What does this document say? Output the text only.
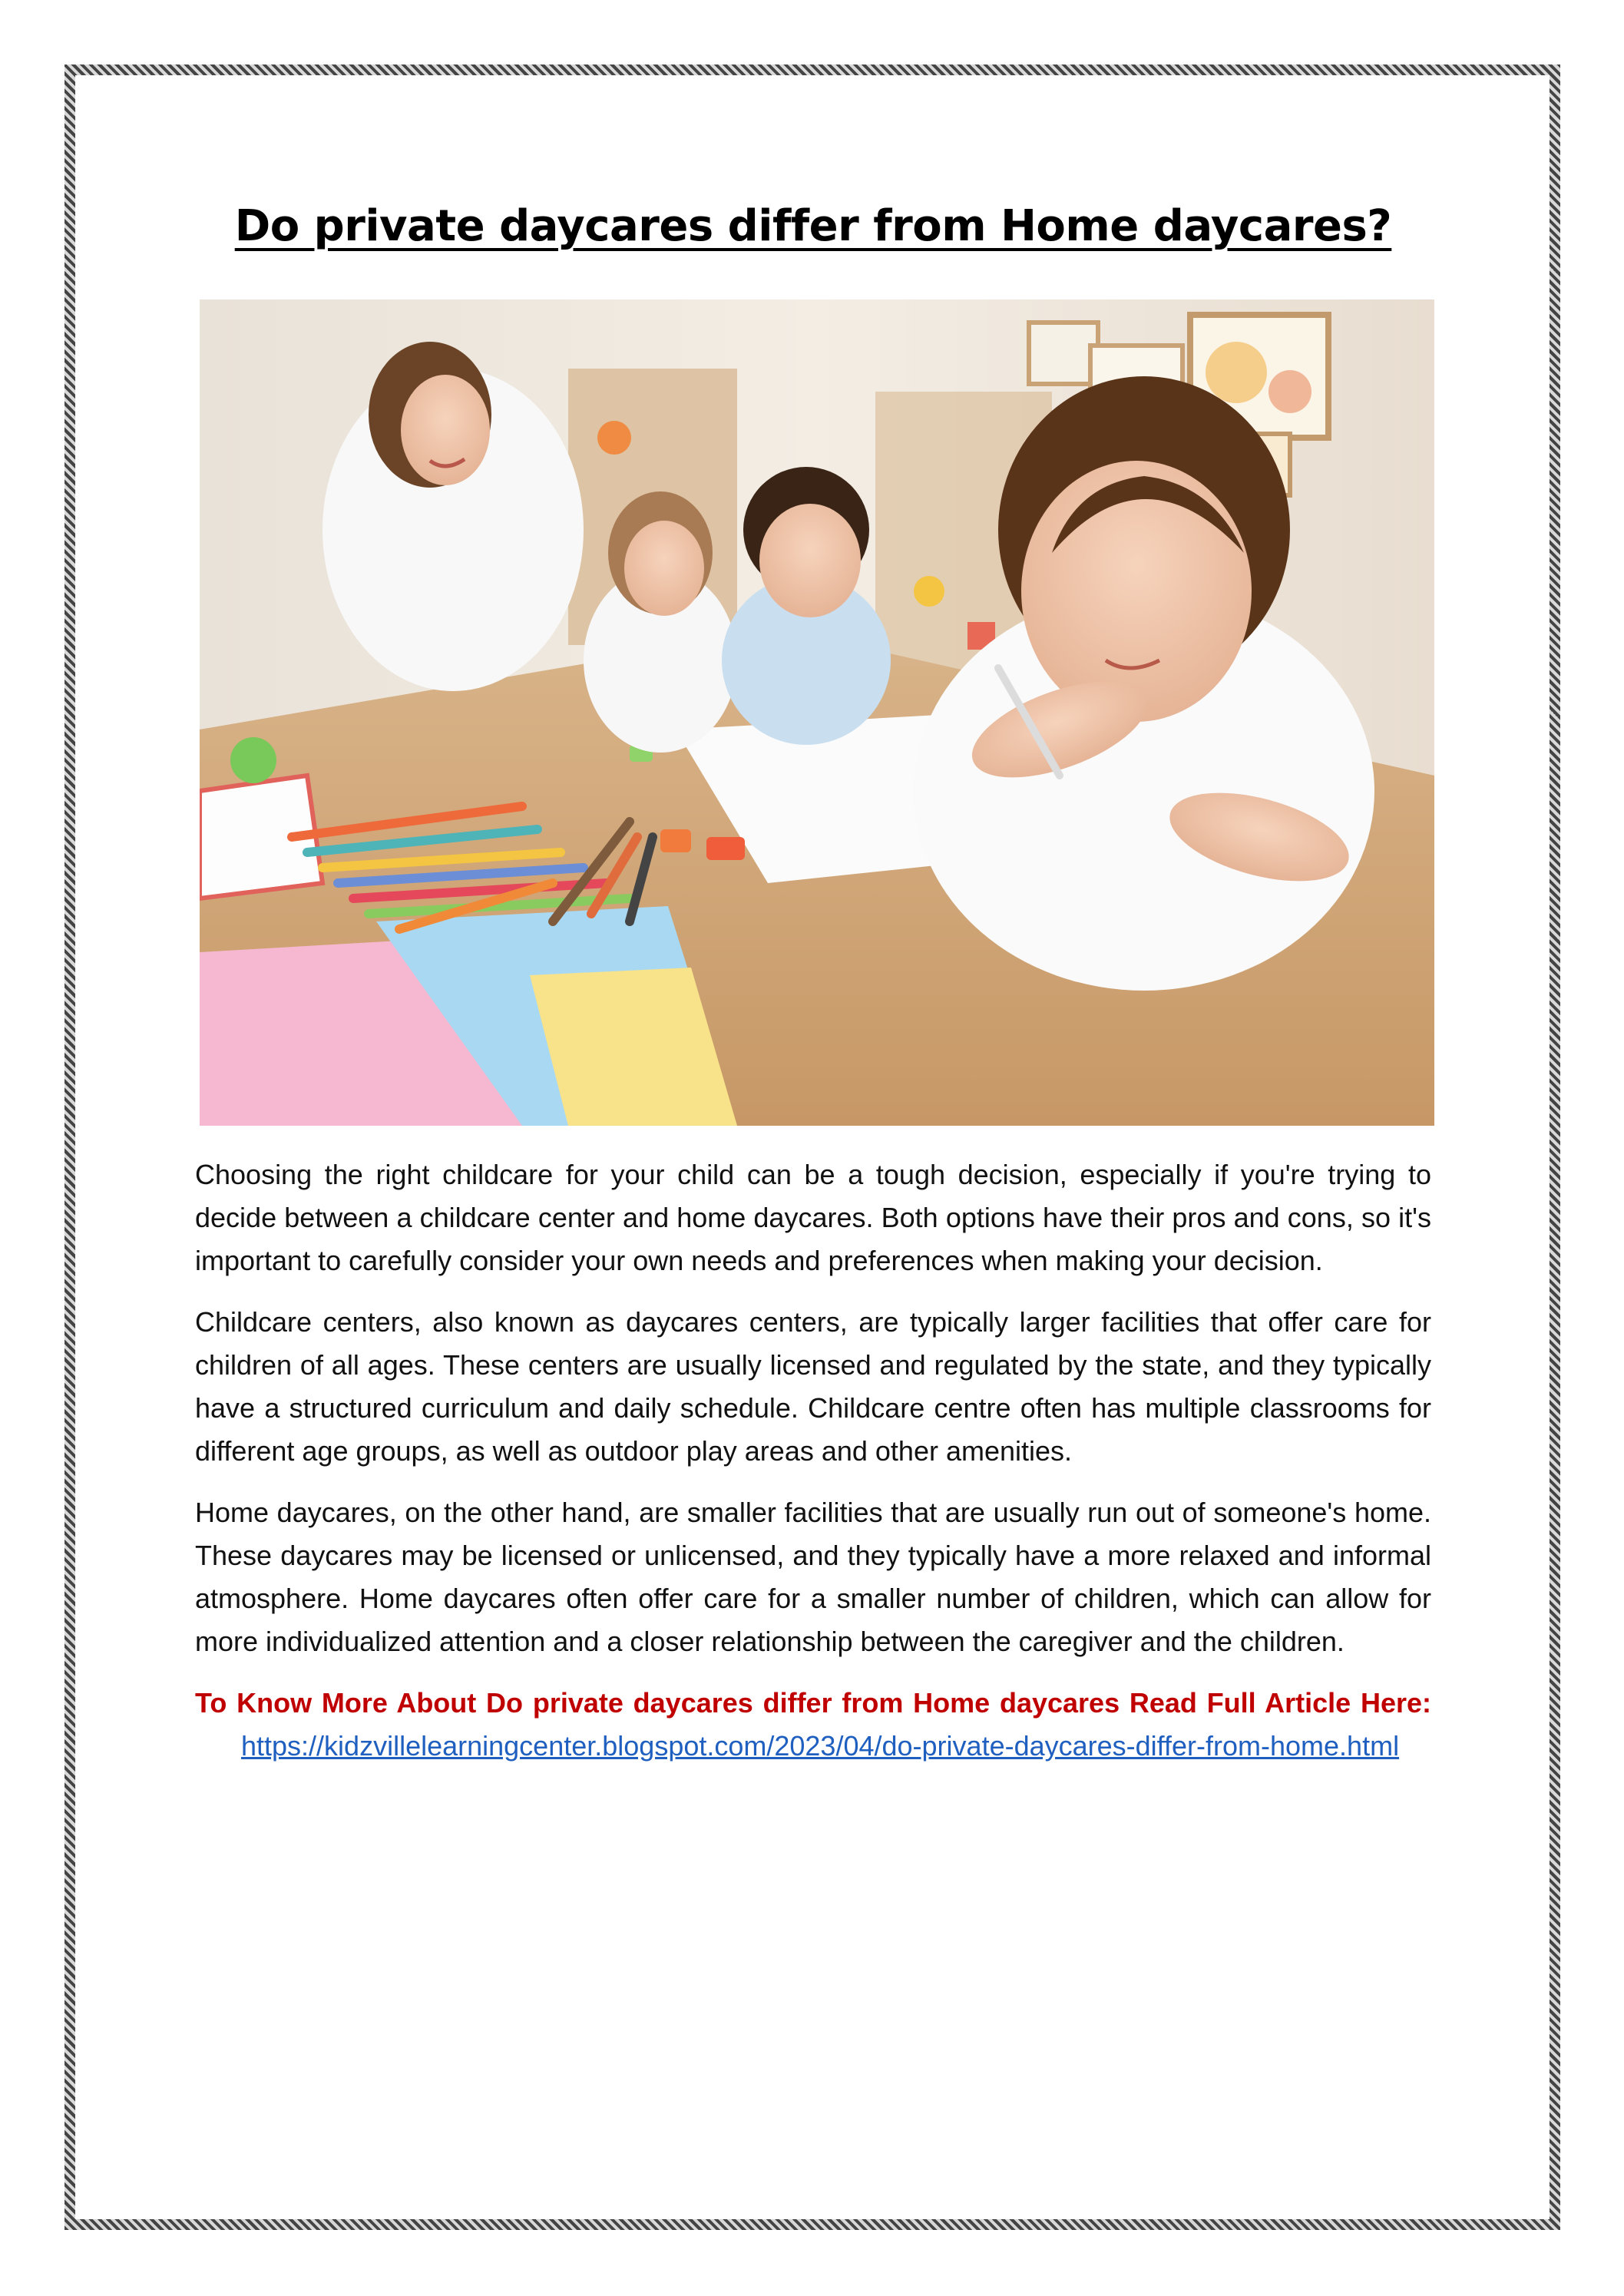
Do private daycares differ from Home daycares?

Choosing the right childcare for your child can be a tough decision, especially if you're trying to decide between a childcare center and home daycares. Both options have their pros and cons, so it's important to carefully consider your own needs and preferences when making your decision.

Childcare centers, also known as daycares centers, are typically larger facilities that offer care for children of all ages. These centers are usually licensed and regulated by the state, and they typically have a structured curriculum and daily schedule. Childcare centre often has multiple classrooms for different age groups, as well as outdoor play areas and other amenities.

Home daycares, on the other hand, are smaller facilities that are usually run out of someone's home. These daycares may be licensed or unlicensed, and they typically have a more relaxed and informal atmosphere. Home daycares often offer care for a smaller number of children, which can allow for more individualized attention and a closer relationship between the caregiver and the children.

To Know More About Do private daycares differ from Home daycares Read Full Article Here: https://kidzvillelearningcenter.blogspot.com/2023/04/do-private-daycares-differ-from-home.html
